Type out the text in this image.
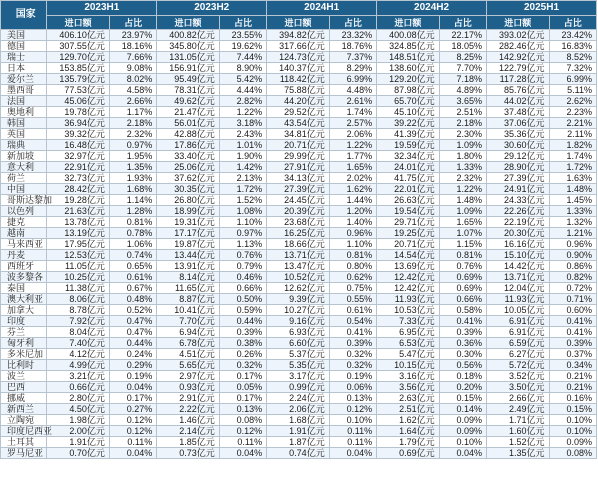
国家	2023H1		2023H2		2024H1		2024H2		2025H1	
	进口额	占比	进口额	占比	进口额	占比	进口额	占比	进口额	占比
美国	406.10亿元	23.97%	400.82亿元	23.55%	394.82亿元	23.32%	400.08亿元	22.17%	393.02亿元	23.42%
德国	307.55亿元	18.16%	345.80亿元	19.62%	317.66亿元	18.76%	324.85亿元	18.05%	282.46亿元	16.83%
瑞士	129.70亿元	7.66%	131.05亿元	7.44%	124.73亿元	7.37%	148.51亿元	8.25%	142.92亿元	8.52%
日本	153.85亿元	9.08%	156.91亿元	8.90%	140.37亿元	8.29%	138.60亿元	7.70%	122.79亿元	7.32%
爱尔兰	135.79亿元	8.02%	95.49亿元	5.42%	118.42亿元	6.99%	129.20亿元	7.18%	117.28亿元	6.99%
墨西哥	77.53亿元	4.58%	78.31亿元	4.44%	75.88亿元	4.48%	87.98亿元	4.89%	85.76亿元	5.11%
法国	45.06亿元	2.66%	49.62亿元	2.82%	44.20亿元	2.61%	65.70亿元	3.65%	44.02亿元	2.62%
奥地利	19.78亿元	1.17%	21.47亿元	1.22%	29.52亿元	1.74%	45.10亿元	2.51%	37.48亿元	2.23%
韩国	36.94亿元	2.18%	56.01亿元	3.18%	43.54亿元	2.57%	39.22亿元	2.18%	37.06亿元	2.21%
英国	39.32亿元	2.32%	42.88亿元	2.43%	34.81亿元	2.06%	41.39亿元	2.30%	35.36亿元	2.11%
瑞典	16.48亿元	0.97%	17.86亿元	1.01%	20.71亿元	1.22%	19.59亿元	1.09%	30.60亿元	1.82%
新加坡	32.97亿元	1.95%	33.40亿元	1.90%	29.99亿元	1.77%	32.34亿元	1.80%	29.12亿元	1.74%
意大利	22.91亿元	1.35%	25.06亿元	1.42%	27.91亿元	1.65%	24.01亿元	1.33%	28.90亿元	1.72%
荷兰	32.73亿元	1.93%	37.62亿元	2.13%	34.13亿元	2.02%	41.75亿元	2.32%	27.39亿元	1.63%
中国	28.42亿元	1.68%	30.35亿元	1.72%	27.39亿元	1.62%	22.01亿元	1.22%	24.91亿元	1.48%
哥斯达黎加	19.28亿元	1.14%	26.80亿元	1.52%	24.45亿元	1.44%	26.63亿元	1.48%	24.33亿元	1.45%
以色列	21.63亿元	1.28%	18.99亿元	1.08%	20.39亿元	1.20%	19.54亿元	1.09%	22.26亿元	1.33%
捷克	13.78亿元	0.81%	19.31亿元	1.10%	23.68亿元	1.40%	29.71亿元	1.65%	22.19亿元	1.32%
越南	13.19亿元	0.78%	17.17亿元	0.97%	16.25亿元	0.96%	19.25亿元	1.07%	20.30亿元	1.21%
马来西亚	17.95亿元	1.06%	19.87亿元	1.13%	18.66亿元	1.10%	20.71亿元	1.15%	16.16亿元	0.96%
丹麦	12.53亿元	0.74%	13.44亿元	0.76%	13.71亿元	0.81%	14.54亿元	0.81%	15.10亿元	0.90%
西班牙	11.05亿元	0.65%	13.91亿元	0.79%	13.47亿元	0.80%	13.69亿元	0.76%	14.42亿元	0.86%
波多黎各	10.25亿元	0.61%	8.14亿元	0.46%	10.52亿元	0.62%	12.42亿元	0.69%	13.71亿元	0.82%
泰国	11.38亿元	0.67%	11.65亿元	0.66%	12.62亿元	0.75%	12.42亿元	0.69%	12.04亿元	0.72%
澳大利亚	8.06亿元	0.48%	8.87亿元	0.50%	9.39亿元	0.55%	11.93亿元	0.66%	11.93亿元	0.71%
加拿大	8.78亿元	0.52%	10.41亿元	0.59%	10.27亿元	0.61%	10.53亿元	0.58%	10.05亿元	0.60%
印度	7.92亿元	0.47%	7.70亿元	0.44%	9.16亿元	0.54%	7.33亿元	0.41%	6.91亿元	0.41%
芬兰	8.04亿元	0.47%	6.94亿元	0.39%	6.93亿元	0.41%	6.95亿元	0.39%	6.91亿元	0.41%
匈牙利	7.40亿元	0.44%	6.78亿元	0.38%	6.60亿元	0.39%	6.53亿元	0.36%	6.59亿元	0.39%
多米尼加	4.12亿元	0.24%	4.51亿元	0.26%	5.37亿元	0.32%	5.47亿元	0.30%	6.27亿元	0.37%
比利时	4.99亿元	0.29%	5.65亿元	0.32%	5.35亿元	0.32%	10.15亿元	0.56%	5.72亿元	0.34%
波兰	3.21亿元	0.19%	2.97亿元	0.17%	3.17亿元	0.19%	3.16亿元	0.18%	3.52亿元	0.21%
巴西	0.66亿元	0.04%	0.93亿元	0.05%	0.99亿元	0.06%	3.56亿元	0.20%	3.50亿元	0.21%
挪威	2.80亿元	0.17%	2.91亿元	0.17%	2.24亿元	0.13%	2.63亿元	0.15%	2.66亿元	0.16%
新西兰	4.50亿元	0.27%	2.22亿元	0.13%	2.06亿元	0.12%	2.51亿元	0.14%	2.49亿元	0.15%
立陶宛	1.98亿元	0.12%	1.46亿元	0.08%	1.68亿元	0.10%	1.62亿元	0.09%	1.71亿元	0.10%
印度尼西亚	2.00亿元	0.12%	2.14亿元	0.12%	1.91亿元	0.11%	1.64亿元	0.09%	1.60亿元	0.10%
土耳其	1.91亿元	0.11%	1.85亿元	0.11%	1.87亿元	0.11%	1.79亿元	0.10%	1.52亿元	0.09%
罗马尼亚	0.70亿元	0.04%	0.73亿元	0.04%	0.74亿元	0.04%	0.69亿元	0.04%	1.35亿元	0.08%
